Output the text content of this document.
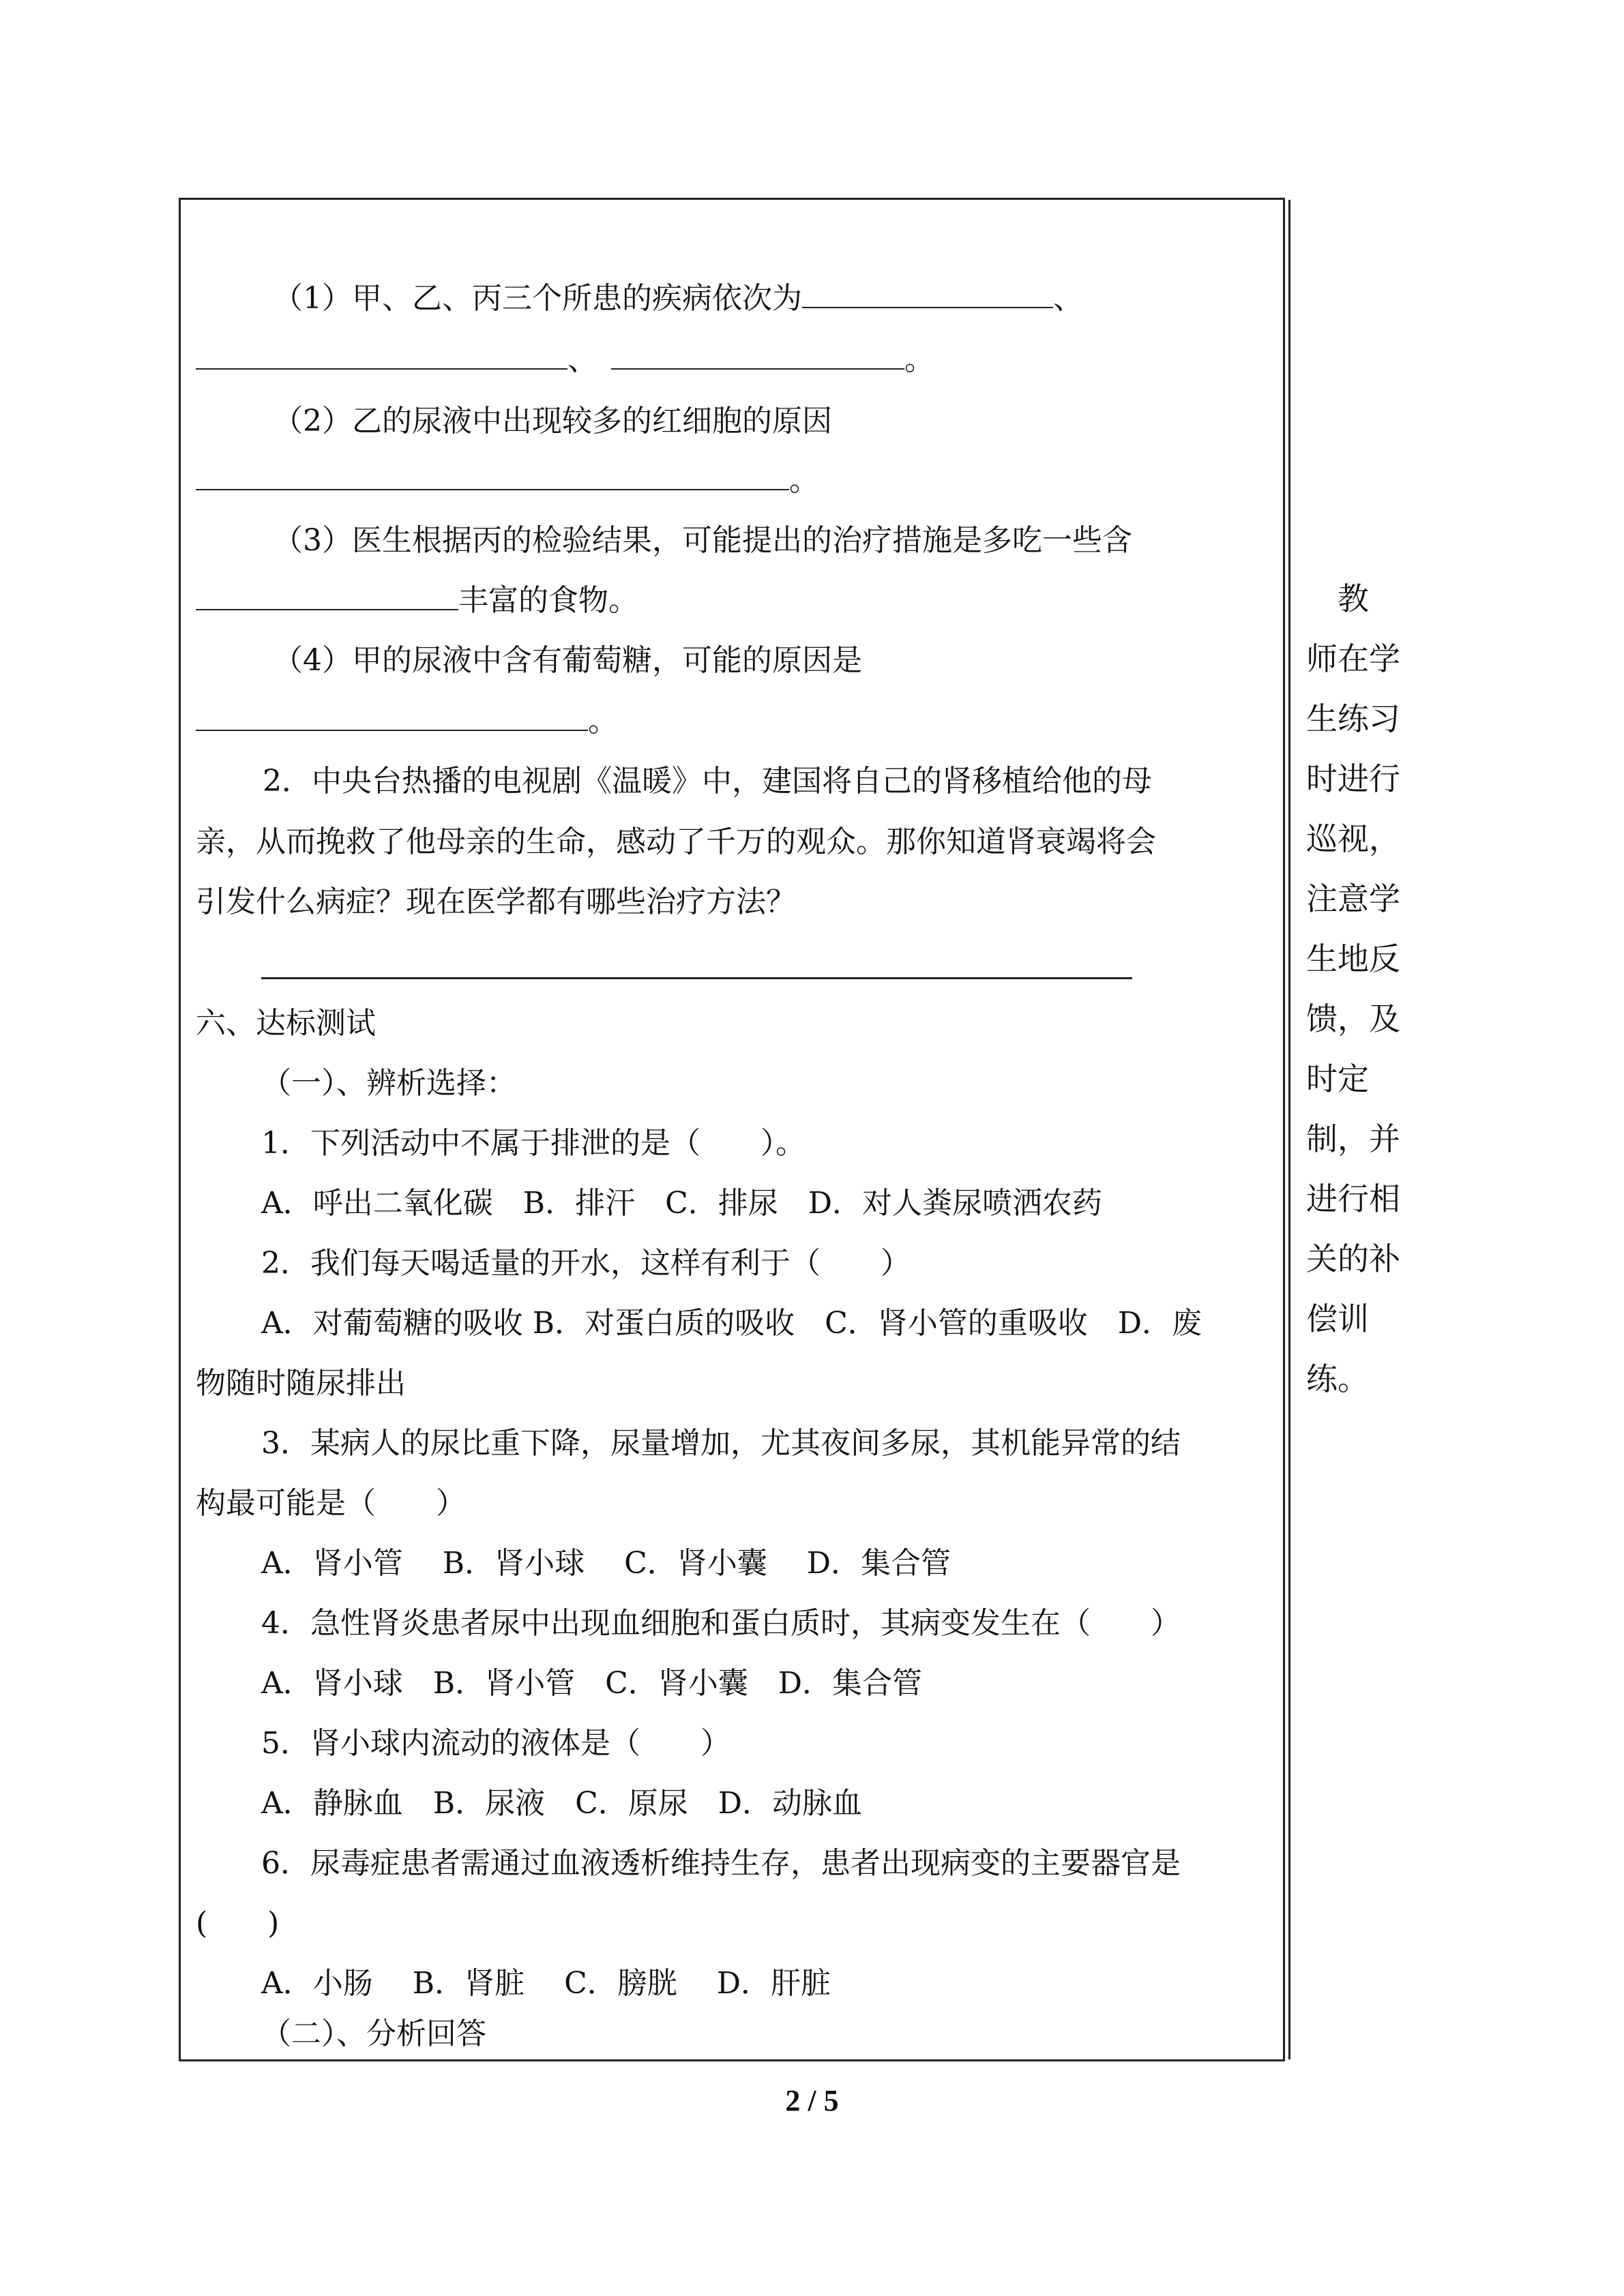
（1）甲、乙、丙三个所患的疾病依次为	、
、	。
（2）乙的尿液中出现较多的红细胞的原因
。
（3）医生根据丙的检验结果，可能提出的治疗措施是多吃一些含
丰富的食物。
（4）甲的尿液中含有葡萄糖，可能的原因是
。
2．中央台热播的电视剧《温暖》中，建国将自己的肾移植给他的母
亲，从而挽救了他母亲的生命，感动了千万的观众。那你知道肾衰竭将会
引发什么病症？现在医学都有哪些治疗方法？
六、达标测试
（一）、辨析选择：
1．下列活动中不属于排泄的是（　　）。
A．呼出二氧化碳　B．排汗　C．排尿　D．对人粪尿喷洒农药
2．我们每天喝适量的开水，这样有利于（　　）
A．对葡萄糖的吸收 B．对蛋白质的吸收　C．肾小管的重吸收　D．废
物随时随尿排出
3．某病人的尿比重下降，尿量增加，尤其夜间多尿，其机能异常的结
构最可能是（　　）
A．肾小管　 B．肾小球　 C．肾小囊　 D．集合管
4．急性肾炎患者尿中出现血细胞和蛋白质时，其病变发生在（　　）
A．肾小球　B．肾小管　C．肾小囊　D．集合管
5．肾小球内流动的液体是（　　）
A．静脉血　B．尿液　C．原尿　D．动脉血
6．尿毒症患者需通过血液透析维持生存，患者出现病变的主要器官是
(　　)
A．小肠　 B．肾脏　 C．膀胱　 D．肝脏
（二）、分析回答
　教
师在学
生练习
时进行
巡视，
注意学
生地反
馈，及
时定
制，并
进行相
关的补
偿训
练。
2 / 5
